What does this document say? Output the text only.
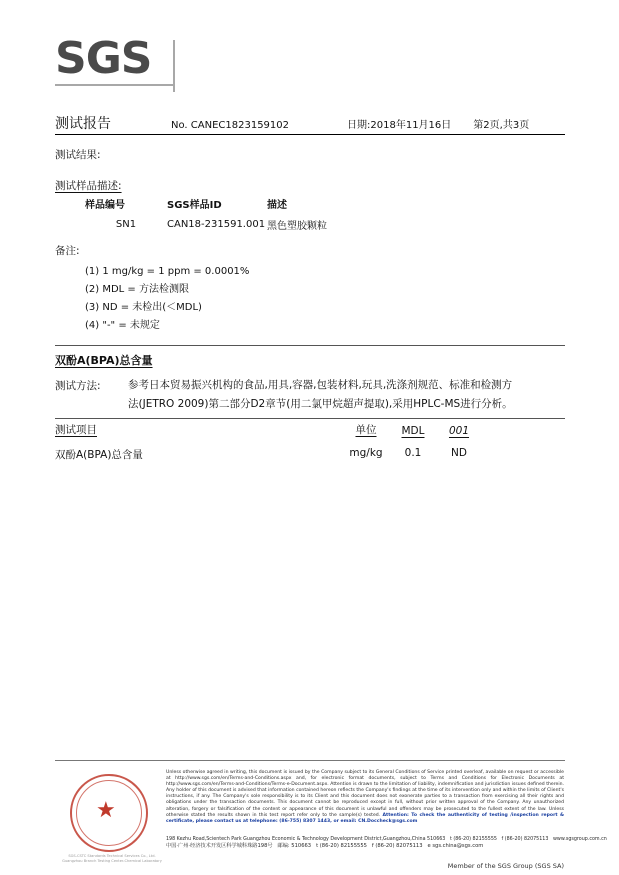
SGS
测试报告	No. CANEC1823159102	日期:2018年11月16日 第2页,共3页
测试结果:
测试样品描述:
样品编号	SGS样品ID	描述
SN1	CAN18-231591.001	黑色塑胶颗粒
备注:
(1) 1 mg/kg = 1 ppm = 0.0001%
(2) MDL = 方法检测限
(3) ND = 未检出(＜MDL)
(4) "-" = 未规定
双酚A(BPA)总含量
测试方法:	参考日本贸易振兴机构的食品,用具,容器,包装材料,玩具,洗涤剂规范、标准和检测方
法(JETRO 2009)第二部分D2章节(用二氯甲烷超声提取),采用HPLC-MS进行分析。
测试项目	单位	MDL	001
双酚A(BPA)总含量	mg/kg	0.1	ND
★
SGS-CSTC Standards Technical Services Co., Ltd. Guangzhou Branch Testing Center-Chemical Laboratory
Unless otherwise agreed in writing, this document is issued by the Company subject to its General Conditions of Service printed overleaf, available on request or accessible at http://www.sgs.com/en/Terms-and-Conditions.aspx and, for electronic format documents, subject to Terms and Conditions for Electronic Documents at http://www.sgs.com/en/Terms-and-Conditions/Terms-e-Document.aspx. Attention is drawn to the limitation of liability, indemnification and jurisdiction issues defined therein. Any holder of this document is advised that information contained hereon reflects the Company's findings at the time of its intervention only and within the limits of Client's instructions, if any. The Company's sole responsibility is to its Client and this document does not exonerate parties to a transaction from exercising all their rights and obligations under the transaction documents. This document cannot be reproduced except in full, without prior written approval of the Company. Any unauthorized alteration, forgery or falsification of the content or appearance of this document is unlawful and offenders may be prosecuted to the fullest extent of the law. Unless otherwise stated the results shown in this test report refer only to the sample(s) tested. Attention: To check the authenticity of testing /inspection report & certificate, please contact us at telephone: (86-755) 8307 1443, or email: CN.Doccheck@sgs.com
198 Kezhu Road,Scientech Park Guangzhou Economic & Technology Development District,Guangzhou,China 510663 t (86-20) 82155555 f (86-20) 82075113 www.sgsgroup.com.cn
中国·广州·经济技术开发区科学城科珠路198号 邮编: 510663 t (86-20) 82155555 f (86-20) 82075113 e sgs.china@sgs.com
Member of the SGS Group (SGS SA)
